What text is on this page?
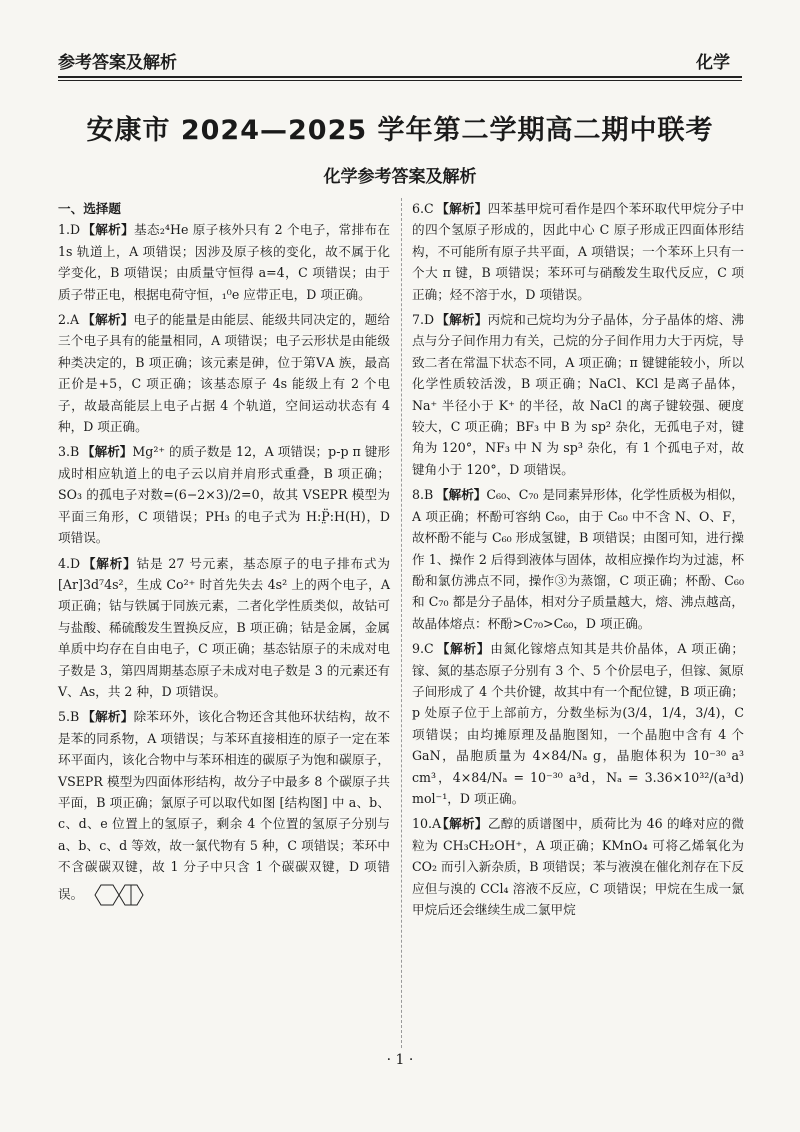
参考答案及解析	化学
安康市 2024—2025 学年第二学期高二期中联考
化学参考答案及解析
一、选择题
1.D 【解析】基态₂⁴He 原子核外只有 2 个电子，常排布在 1s 轨道上，A 项错误；因涉及原子核的变化，故不属于化学变化，B 项错误；由质量守恒得 a=4，C 项错误；由于质子带正电，根据电荷守恒，₁⁰e 应带正电，D 项正确。
2.A 【解析】电子的能量是由能层、能级共同决定的，题给三个电子具有的能量相同，A 项错误；电子云形状是由能级种类决定的，B 项正确；该元素是砷，位于第ⅤA 族，最高正价是+5，C 项正确；该基态原子 4s 能级上有 2 个电子，故最高能层上电子占据 4 个轨道，空间运动状态有 4 种，D 项正确。
3.B 【解析】Mg²⁺ 的质子数是 12，A 项错误；p-p π 键形成时相应轨道上的电子云以肩并肩形式重叠，B 项正确；SO₃ 的孤电子对数=(6−2×3)/2=0，故其 VSEPR 模型为平面三角形，C 项错误；PH₃ 的电子式为 H:P̤̈:H(H)，D 项错误。
4.D 【解析】钴是 27 号元素，基态原子的电子排布式为[Ar]3d⁷4s²，生成 Co²⁺ 时首先失去 4s² 上的两个电子，A 项正确；钴与铁属于同族元素，二者化学性质类似，故钴可与盐酸、稀硫酸发生置换反应，B 项正确；钴是金属，金属单质中均存在自由电子，C 项正确；基态钴原子的未成对电子数是 3，第四周期基态原子未成对电子数是 3 的元素还有 V、As，共 2 种，D 项错误。
5.B 【解析】除苯环外，该化合物还含其他环状结构，故不是苯的同系物，A 项错误；与苯环直接相连的原子一定在苯环平面内，该化合物中与苯环相连的碳原子为饱和碳原子，VSEPR 模型为四面体形结构，故分子中最多 8 个碳原子共平面，B 项正确；氯原子可以取代如图 [结构图] 中 a、b、c、d、e 位置上的氢原子，剩余 4 个位置的氢原子分别与 a、b、c、d 等效，故一氯代物有 5 种，C 项错误；苯环中不含碳碳双键，故 1 分子中只含 1 个碳碳双键，D 项错误。
6.C 【解析】四苯基甲烷可看作是四个苯环取代甲烷分子中的四个氢原子形成的，因此中心 C 原子形成正四面体形结构，不可能所有原子共平面，A 项错误；一个苯环上只有一个大 π 键，B 项错误；苯环可与硝酸发生取代反应，C 项正确；烃不溶于水，D 项错误。
7.D 【解析】丙烷和己烷均为分子晶体，分子晶体的熔、沸点与分子间作用力有关，己烷的分子间作用力大于丙烷，导致二者在常温下状态不同，A 项正确；π 键键能较小，所以化学性质较活泼，B 项正确；NaCl、KCl 是离子晶体，Na⁺ 半径小于 K⁺ 的半径，故 NaCl 的离子键较强、硬度较大，C 项正确；BF₃ 中 B 为 sp² 杂化，无孤电子对，键角为 120°，NF₃ 中 N 为 sp³ 杂化，有 1 个孤电子对，故键角小于 120°，D 项错误。
8.B 【解析】C₆₀、C₇₀ 是同素异形体，化学性质极为相似，A 项正确；杯酚可容纳 C₆₀，由于 C₆₀ 中不含 N、O、F，故杯酚不能与 C₆₀ 形成氢键，B 项错误；由图可知，进行操作 1、操作 2 后得到液体与固体，故相应操作均为过滤，杯酚和氯仿沸点不同，操作③为蒸馏，C 项正确；杯酚、C₆₀ 和 C₇₀ 都是分子晶体，相对分子质量越大，熔、沸点越高，故晶体熔点：杯酚>C₇₀>C₆₀，D 项正确。
9.C 【解析】由氮化镓熔点知其是共价晶体，A 项正确；镓、氮的基态原子分别有 3 个、5 个价层电子，但镓、氮原子间形成了 4 个共价键，故其中有一个配位键，B 项正确；p 处原子位于上部前方，分数坐标为(3/4，1/4，3/4)，C 项错误；由均摊原理及晶胞图知，一个晶胞中含有 4 个 GaN，晶胞质量为 4×84/Nₐ g，晶胞体积为 10⁻³⁰ a³ cm³，4×84/Nₐ = 10⁻³⁰ a³d，Nₐ = 3.36×10³²/(a³d) mol⁻¹，D 项正确。
10.A【解析】乙醇的质谱图中，质荷比为 46 的峰对应的微粒为 CH₃CH₂OH⁺，A 项正确；KMnO₄ 可将乙烯氧化为 CO₂ 而引入新杂质，B 项错误；苯与液溴在催化剂存在下反应但与溴的 CCl₄ 溶液不反应，C 项错误；甲烷在生成一氯甲烷后还会继续生成二氯甲烷
· 1 ·
